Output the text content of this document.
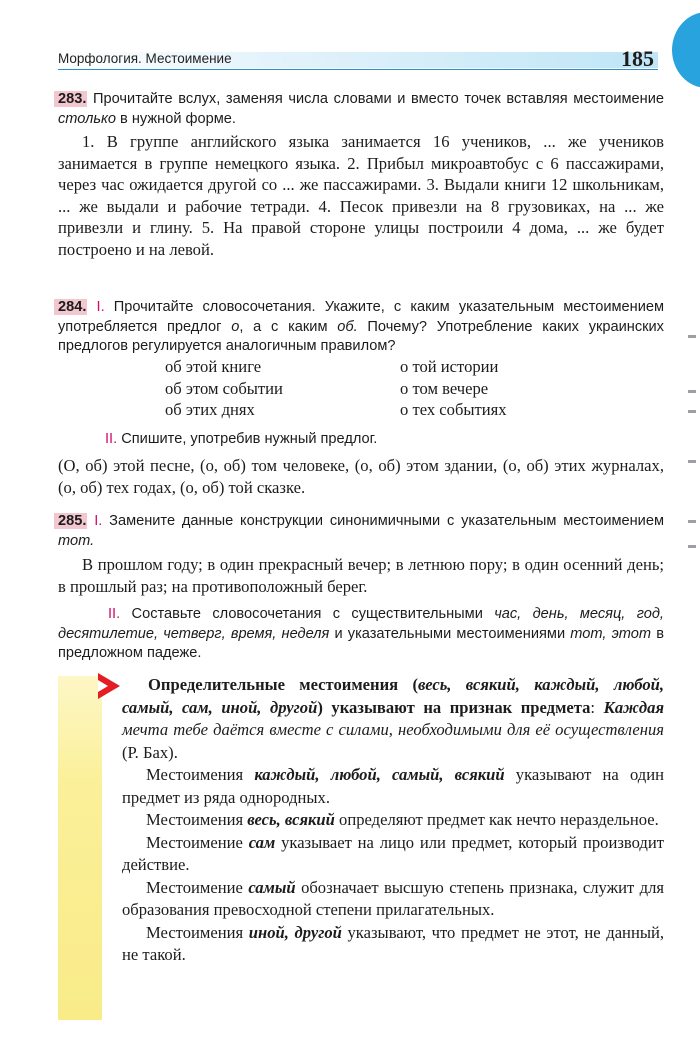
Морфология. Местоимение	185
283. Прочитайте вслух, заменяя числа словами и вместо точек вставляя местоимение столько в нужной форме.
1. В группе английского языка занимается 16 учеников, ... же учеников занимается в группе немецкого языка. 2. Прибыл микроавтобус с 6 пассажирами, через час ожидается другой со ... же пассажирами. 3. Выдали книги 12 школьникам, ... же выдали и рабочие тетради. 4. Песок привезли на 8 грузовиках, на ... же привезли и глину. 5. На правой стороне улицы построили 4 дома, ... же будет построено и на левой.
284. I. Прочитайте словосочетания. Укажите, с каким указательным местоимением употребляется предлог о, а с каким об. Почему? Употребление каких украинских предлогов регулируется аналогичным правилом?
об этой книге	о той истории
об этом событии	о том вечере
об этих днях	о тех событиях
II. Спишите, употребив нужный предлог.
(О, об) этой песне, (о, об) том человеке, (о, об) этом здании, (о, об) этих журналах, (о, об) тех годах, (о, об) той сказке.
285. I. Замените данные конструкции синонимичными с указательным местоимением тот.
В прошлом году; в один прекрасный вечер; в летнюю пору; в один осенний день; в прошлый раз; на противоположный берег.
II. Составьте словосочетания с существительными час, день, месяц, год, десятилетие, четверг, время, неделя и указательными местоимениями тот, этот в предложном падеже.

Определительные местоимения (весь, всякий, каждый, любой, самый, сам, иной, другой) указывают на признак предмета: Каждая мечта тебе даётся вместе с силами, необходимыми для её осуществления (Р. Бах).

Местоимения каждый, любой, самый, всякий указывают на один предмет из ряда однородных.

Местоимения весь, всякий определяют предмет как нечто нераздельное.

Местоимение сам указывает на лицо или предмет, который производит действие.

Местоимение самый обозначает высшую степень признака, служит для образования превосходной степени прилагательных.

Местоимения иной, другой указывают, что предмет не этот, не данный, не такой.
